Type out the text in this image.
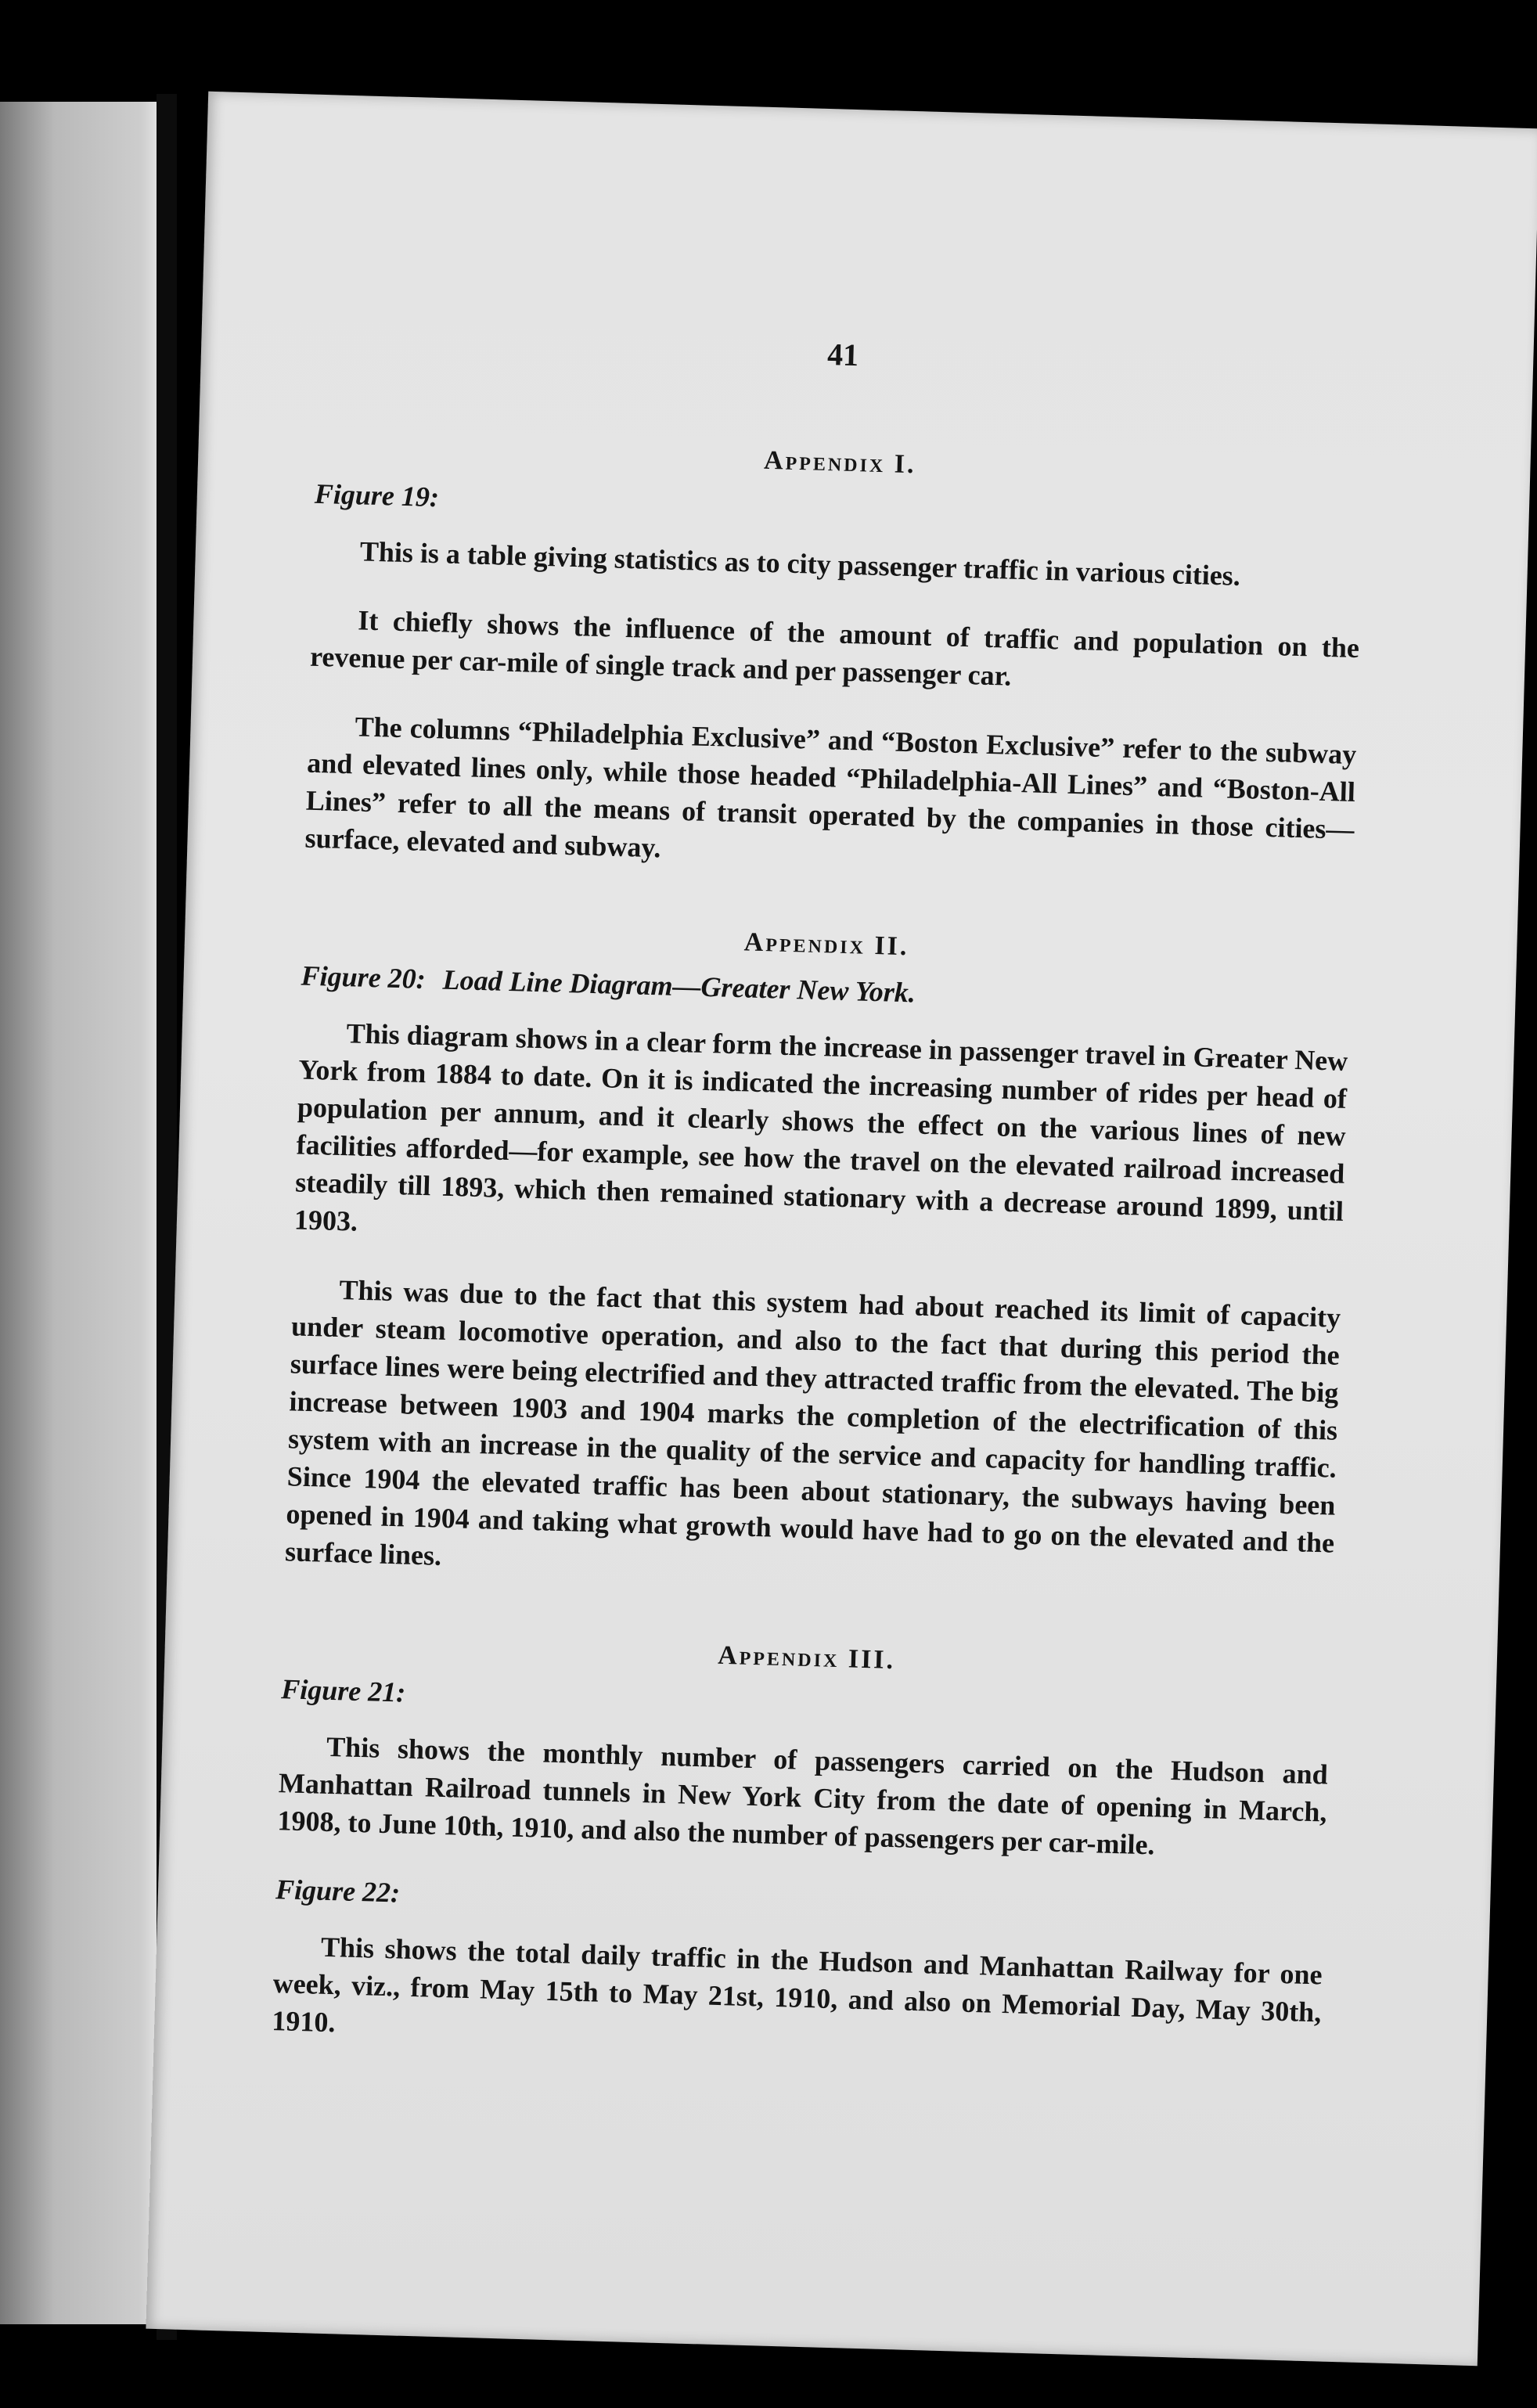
41
Appendix I.
Figure 19:

This is a table giving statistics as to city passenger traffic in various cities.

It chiefly shows the influence of the amount of traffic and population on the revenue per car-mile of single track and per passenger car.

The columns “Philadelphia Exclusive” and “Boston Exclusive” refer to the subway and elevated lines only, while those headed “Philadelphia-All Lines” and “Boston-All Lines” refer to all the means of transit operated by the companies in those cities—surface, elevated and subway.

Appendix II.
Figure 20: Load Line Diagram—Greater New York.

This diagram shows in a clear form the increase in passenger travel in Greater New York from 1884 to date. On it is indicated the increasing number of rides per head of population per annum, and it clearly shows the effect on the various lines of new facilities afforded—for example, see how the travel on the elevated railroad increased steadily till 1893, which then remained stationary with a decrease around 1899, until 1903.

This was due to the fact that this system had about reached its limit of capacity under steam locomotive operation, and also to the fact that during this period the surface lines were being electrified and they attracted traffic from the elevated. The big increase between 1903 and 1904 marks the completion of the electrification of this system with an increase in the quality of the service and capacity for handling traffic. Since 1904 the elevated traffic has been about stationary, the subways having been opened in 1904 and taking what growth would have had to go on the elevated and the surface lines.

Appendix III.
Figure 21:

This shows the monthly number of passengers carried on the Hudson and Manhattan Railroad tunnels in New York City from the date of opening in March, 1908, to June 10th, 1910, and also the number of passengers per car-mile.

Figure 22:

This shows the total daily traffic in the Hudson and Manhattan Railway for one week, viz., from May 15th to May 21st, 1910, and also on Memorial Day, May 30th, 1910.
